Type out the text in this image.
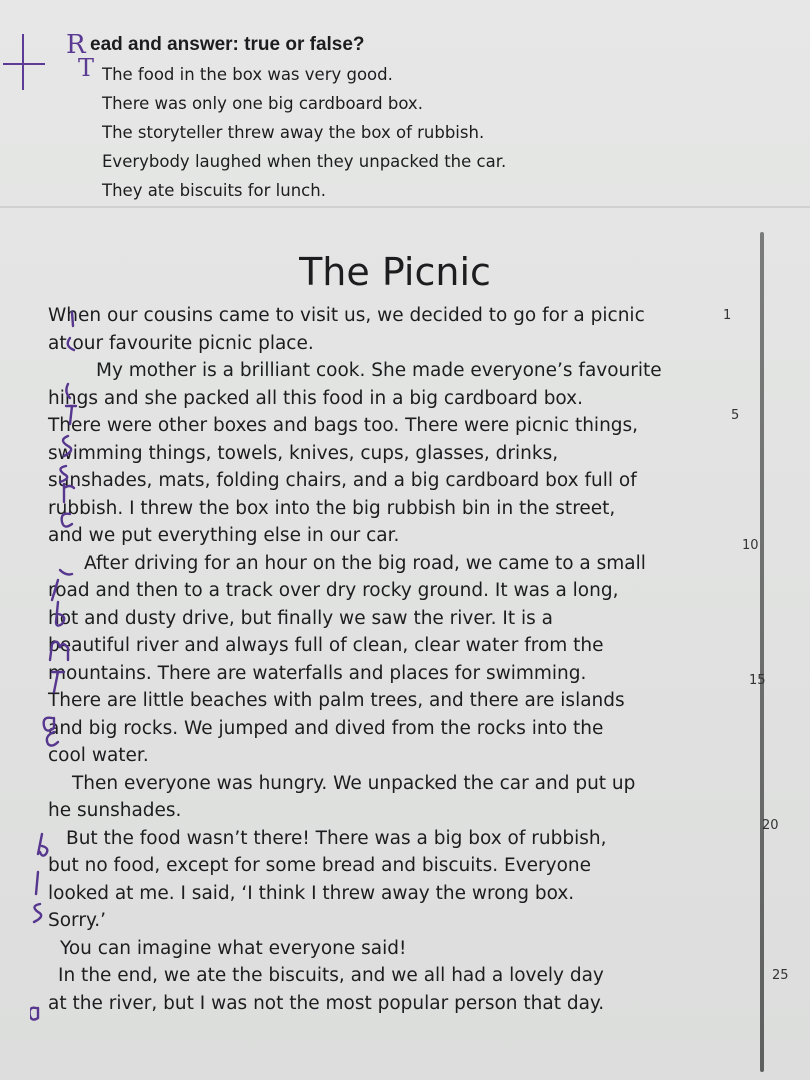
R
T
ead and answer: true or false?
The food in the box was very good.
There was only one big cardboard box.
The storyteller threw away the box of rubbish.
Everybody laughed when they unpacked the car.
They ate biscuits for lunch.
The Picnic
When our cousins came to visit us, we decided to go for a picnic
at our favourite picnic place.
My mother is a brilliant cook. She made everyone’s favourite
hings and she packed all this food in a big cardboard box.
There were other boxes and bags too. There were picnic things,
swimming things, towels, knives, cups, glasses, drinks,
sunshades, mats, folding chairs, and a big cardboard box full of
rubbish. I threw the box into the big rubbish bin in the street,
and we put everything else in our car.
After driving for an hour on the big road, we came to a small
road and then to a track over dry rocky ground. It was a long,
hot and dusty drive, but finally we saw the river. It is a
beautiful river and always full of clean, clear water from the
mountains. There are waterfalls and places for swimming.
There are little beaches with palm trees, and there are islands
and big rocks. We jumped and dived from the rocks into the
cool water.
Then everyone was hungry. We unpacked the car and put up
he sunshades.
But the food wasn’t there! There was a big box of rubbish,
but no food, except for some bread and biscuits. Everyone
looked at me. I said, ‘I think I threw away the wrong box.
Sorry.’
You can imagine what everyone said!
In the end, we ate the biscuits, and we all had a lovely day
at the river, but I was not the most popular person that day.
1
5
10
15
20
25
